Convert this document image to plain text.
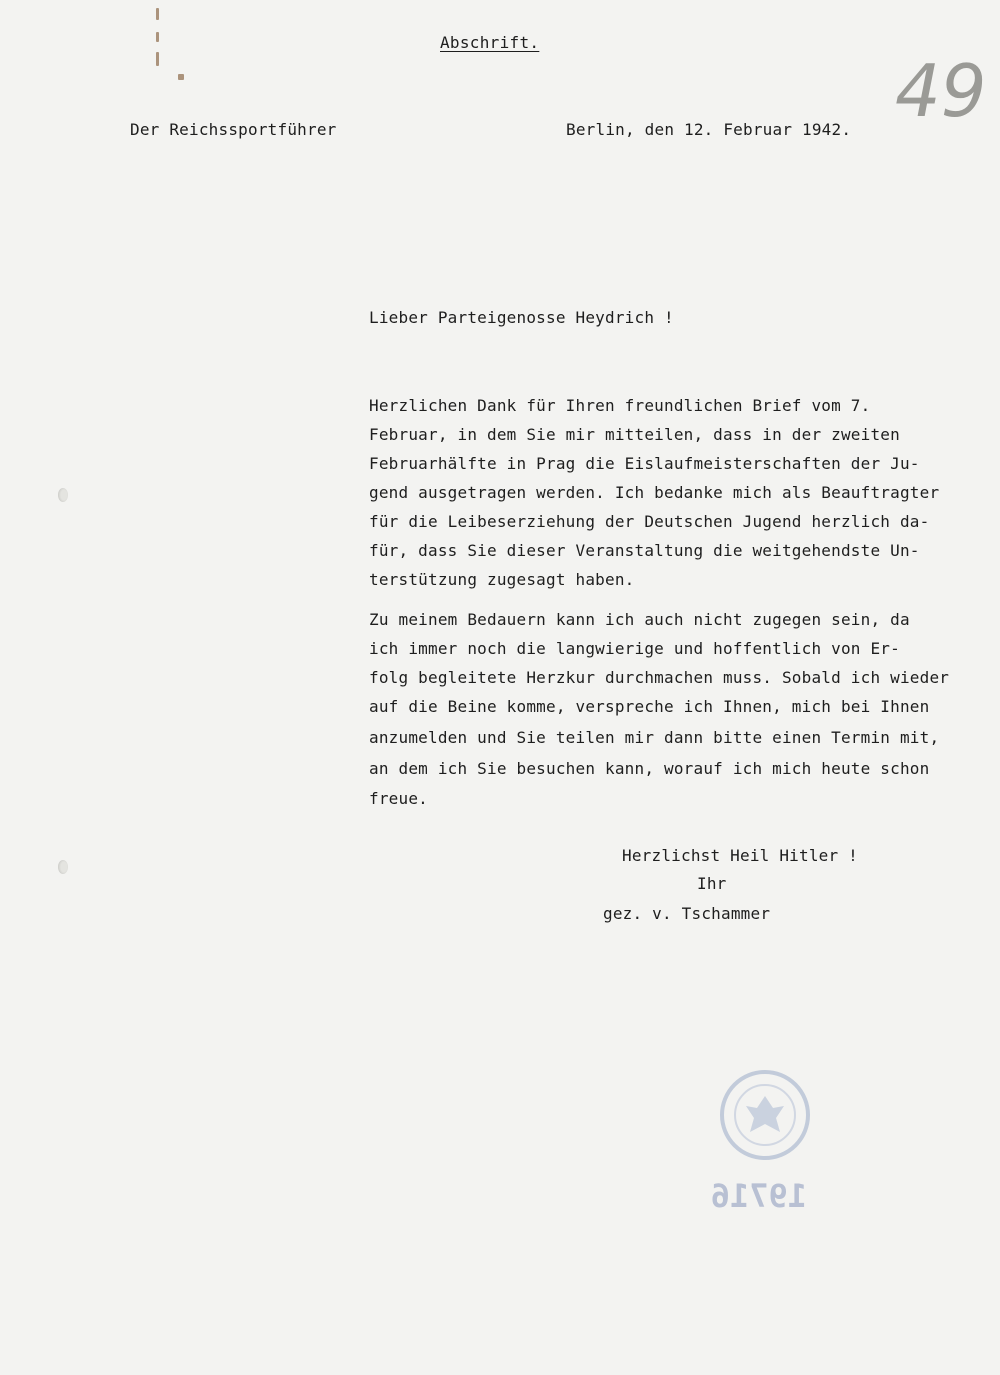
Abschrift.
49
Der Reichssportführer	Berlin, den 12. Februar 1942.
Lieber Parteigenosse Heydrich !
Herzlichen Dank für Ihren freundlichen Brief vom 7.
Februar, in dem Sie mir mitteilen, dass in der zweiten
Februarhälfte in Prag die Eislaufmeisterschaften der Ju-
gend ausgetragen werden. Ich bedanke mich als Beauftragter
für die Leibeserziehung der Deutschen Jugend herzlich da-
für, dass Sie dieser Veranstaltung die weitgehendste Un-
terstützung zugesagt haben.
Zu meinem Bedauern kann ich auch nicht zugegen sein, da
ich immer noch die langwierige und hoffentlich von Er-
folg begleitete Herzkur durchmachen muss. Sobald ich wieder
auf die Beine komme, verspreche ich Ihnen, mich bei Ihnen
anzumelden und Sie teilen mir dann bitte einen Termin mit,
an dem ich Sie besuchen kann, worauf ich mich heute schon
freue.
Herzlichst Heil Hitler !
Ihr
gez. v. Tschammer
19716
